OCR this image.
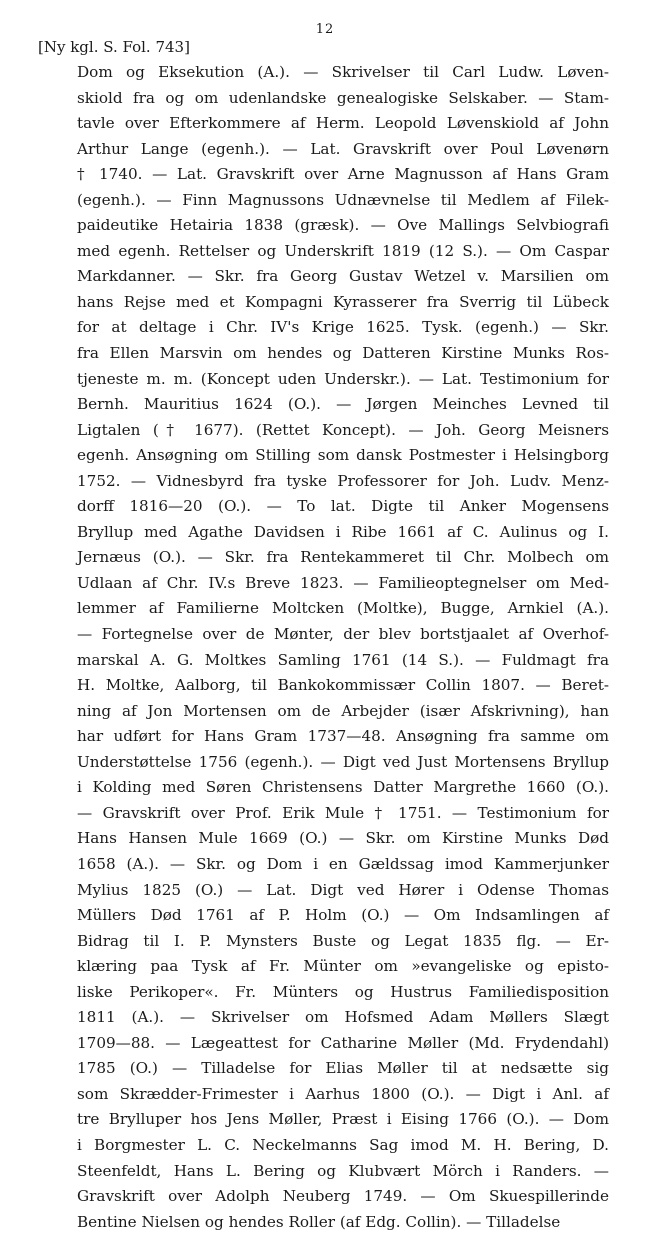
12
[Ny kgl. S. Fol. 743]
Dom og Eksekution (A.). — Skrivelser til Carl Ludw. Løven-
skiold fra og om udenlandske genealogiske Selskaber. — Stam-
tavle over Efterkommere af Herm. Leopold Løvenskiold af John
Arthur Lange (egenh.). — Lat. Gravskrift over Poul Løvenørn
† 1740. — Lat. Gravskrift over Arne Magnusson af Hans Gram
(egenh.). — Finn Magnussons Udnævnelse til Medlem af Filek-
paideutike Hetairia 1838 (græsk). — Ove Mallings Selvbiografi
med egenh. Rettelser og Underskrift 1819 (12 S.). — Om Caspar
Markdanner. — Skr. fra Georg Gustav Wetzel v. Marsilien om
hans Rejse med et Kompagni Kyrasserer fra Sverrig til Lübeck
for at deltage i Chr. IV's Krige 1625. Tysk. (egenh.) — Skr.
fra Ellen Marsvin om hendes og Datteren Kirstine Munks Ros-
tjeneste m. m. (Koncept uden Underskr.). — Lat. Testimonium for
Bernh. Mauritius 1624 (O.). — Jørgen Meinches Levned til
Ligtalen († 1677). (Rettet Koncept). — Joh. Georg Meisners
egenh. Ansøgning om Stilling som dansk Postmester i Helsingborg
1752. — Vidnesbyrd fra tyske Professorer for Joh. Ludv. Menz-
dorff 1816—20 (O.). — To lat. Digte til Anker Mogensens
Bryllup med Agathe Davidsen i Ribe 1661 af C. Aulinus og I.
Jernæus (O.). — Skr. fra Rentekammeret til Chr. Molbech om
Udlaan af Chr. IV.s Breve 1823. — Familieoptegnelser om Med-
lemmer af Familierne Moltcken (Moltke), Bugge, Arnkiel (A.).
— Fortegnelse over de Mønter, der blev bortstjaalet af Overhof-
marskal A. G. Moltkes Samling 1761 (14 S.). — Fuldmagt fra
H. Moltke, Aalborg, til Bankokommissær Collin 1807. — Beret-
ning af Jon Mortensen om de Arbejder (især Afskrivning), han
har udført for Hans Gram 1737—48. Ansøgning fra samme om
Understøttelse 1756 (egenh.). — Digt ved Just Mortensens Bryllup
i Kolding med Søren Christensens Datter Margrethe 1660 (O.).
— Gravskrift over Prof. Erik Mule † 1751. — Testimonium for
Hans Hansen Mule 1669 (O.) — Skr. om Kirstine Munks Død
1658 (A.). — Skr. og Dom i en Gældssag imod Kammerjunker
Mylius 1825 (O.) — Lat. Digt ved Hører i Odense Thomas
Müllers Død 1761 af P. Holm (O.) — Om Indsamlingen af
Bidrag til I. P. Mynsters Buste og Legat 1835 flg. — Er-
klæring paa Tysk af Fr. Münter om »evangeliske og episto-
liske Perikoper«. Fr. Münters og Hustrus Familiedisposition
1811 (A.). — Skrivelser om Hofsmed Adam Møllers Slægt
1709—88. — Lægeattest for Catharine Møller (Md. Frydendahl)
1785 (O.) — Tilladelse for Elias Møller til at nedsætte sig
som Skrædder-Frimester i Aarhus 1800 (O.). — Digt i Anl. af
tre Brylluper hos Jens Møller, Præst i Eising 1766 (O.). — Dom
i Borgmester L. C. Neckelmanns Sag imod M. H. Bering, D.
Steenfeldt, Hans L. Bering og Klubvært Mörch i Randers. —
Gravskrift over Adolph Neuberg 1749. — Om Skuespillerinde
Bentine Nielsen og hendes Roller (af Edg. Collin). — Tilladelse
